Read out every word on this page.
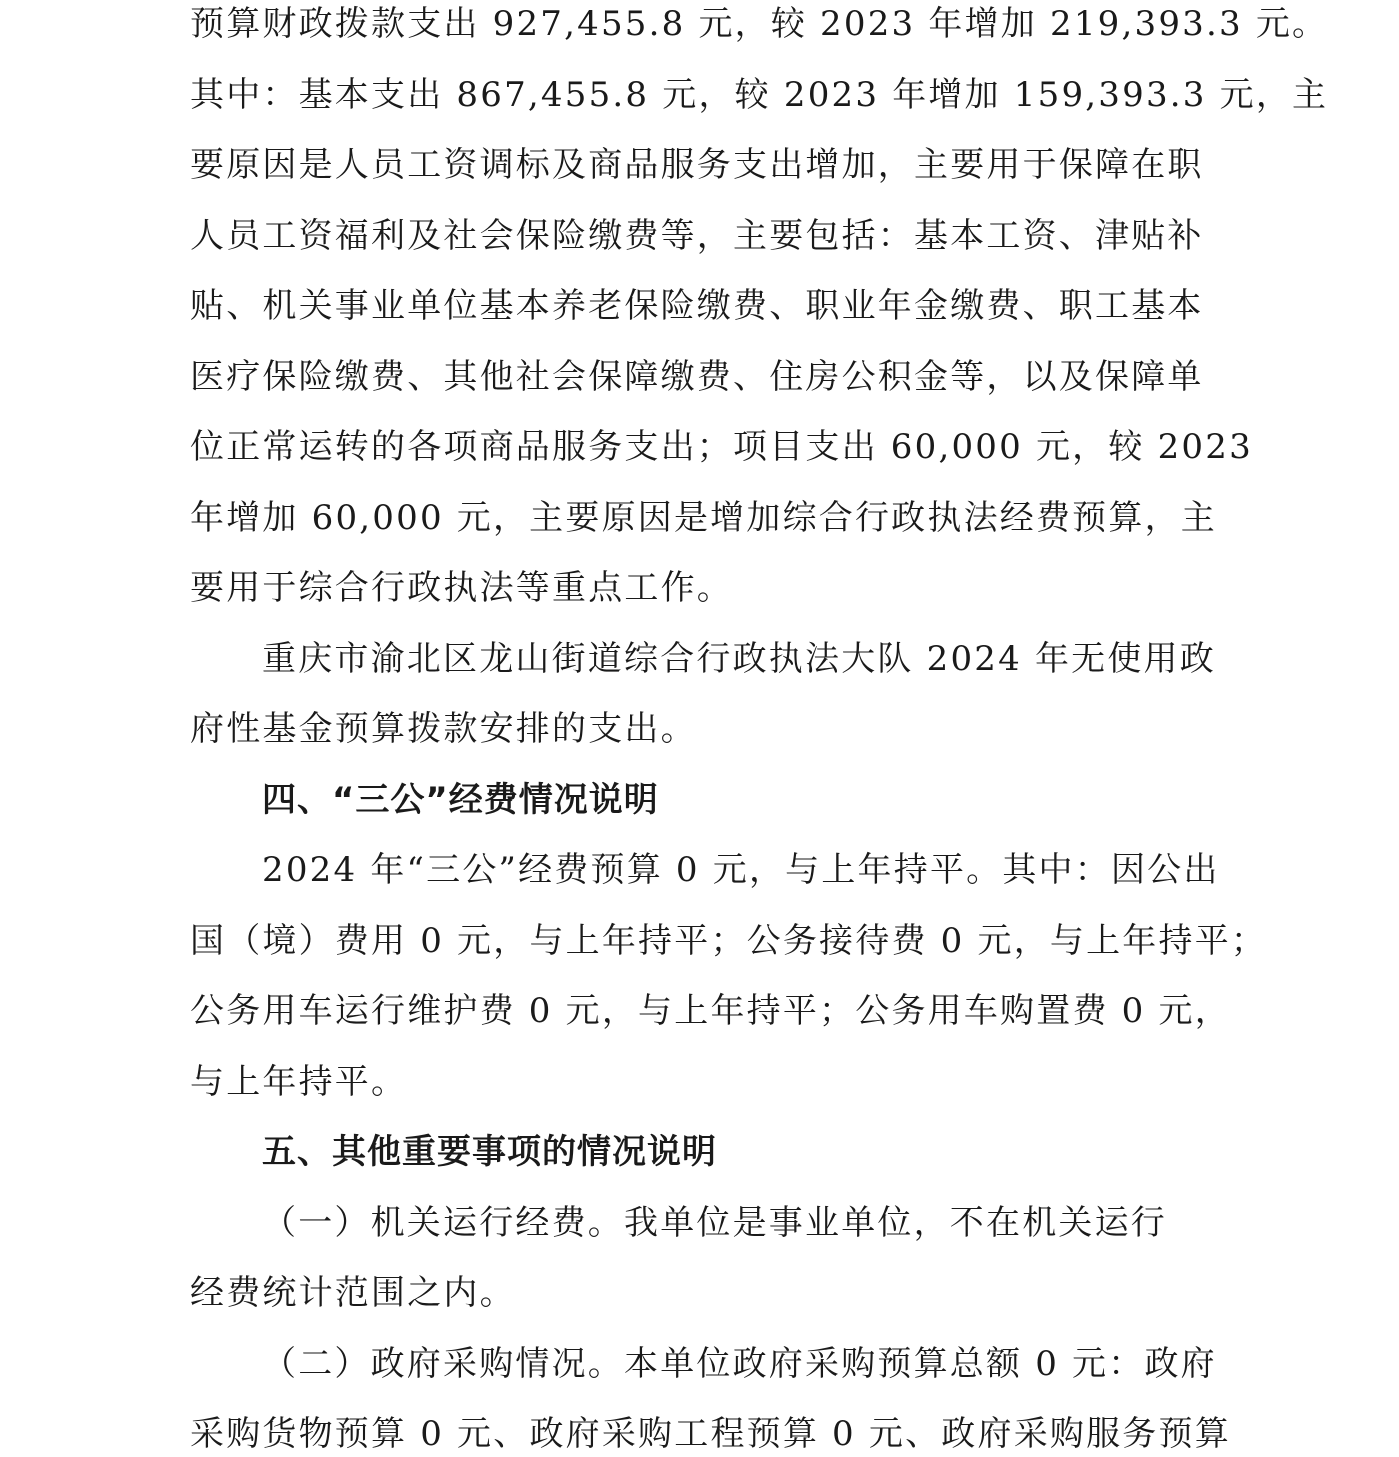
预算财政拨款支出 927,455.8 元，较 2023 年增加 219,393.3 元。
其中：基本支出 867,455.8 元，较 2023 年增加 159,393.3 元，主
要原因是人员工资调标及商品服务支出增加，主要用于保障在职
人员工资福利及社会保险缴费等，主要包括：基本工资、津贴补
贴、机关事业单位基本养老保险缴费、职业年金缴费、职工基本
医疗保险缴费、其他社会保障缴费、住房公积金等，以及保障单
位正常运转的各项商品服务支出；项目支出 60,000 元，较 2023
年增加 60,000 元，主要原因是增加综合行政执法经费预算，主
要用于综合行政执法等重点工作。
重庆市渝北区龙山街道综合行政执法大队 2024 年无使用政
府性基金预算拨款安排的支出。
四、“三公”经费情况说明
2024 年“三公”经费预算 0 元，与上年持平。其中：因公出
国（境）费用 0 元，与上年持平；公务接待费 0 元，与上年持平；
公务用车运行维护费 0 元，与上年持平；公务用车购置费 0 元，
与上年持平。
五、其他重要事项的情况说明
（一）机关运行经费。我单位是事业单位，不在机关运行
经费统计范围之内。
（二）政府采购情况。本单位政府采购预算总额 0 元：政府
采购货物预算 0 元、政府采购工程预算 0 元、政府采购服务预算
